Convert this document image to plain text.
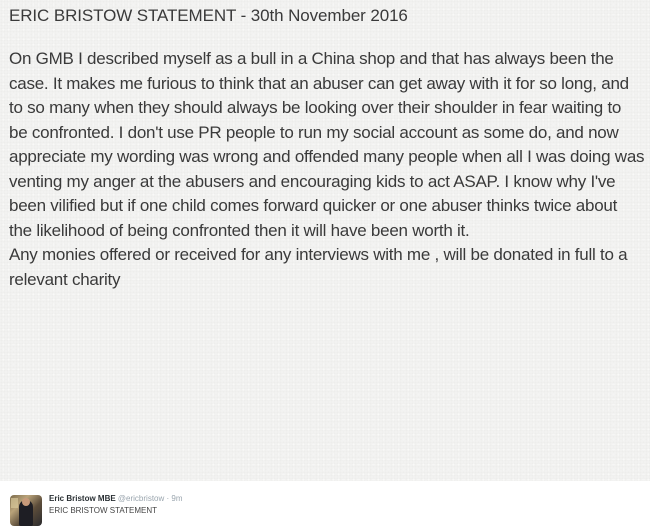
ERIC BRISTOW STATEMENT - 30th November 2016
On GMB I described myself as a bull in a China shop and that has always been the
case. It makes me furious to think that an abuser can get away with it for so long, and
to so many when they should always be looking over their shoulder in fear waiting to
be confronted. I don't use PR people to run my social account as some do, and now
appreciate my wording was wrong and offended many people when all I was doing was
venting my anger at the abusers and encouraging kids to act ASAP. I know why I've
been vilified but if one child comes forward quicker or one abuser thinks twice about
the likelihood of being confronted then it will have been worth it.
Any monies offered or received for any interviews with me , will be donated in full to a
relevant charity
Eric Bristow MBE @ericbristow · 9m
ERIC BRISTOW STATEMENT
